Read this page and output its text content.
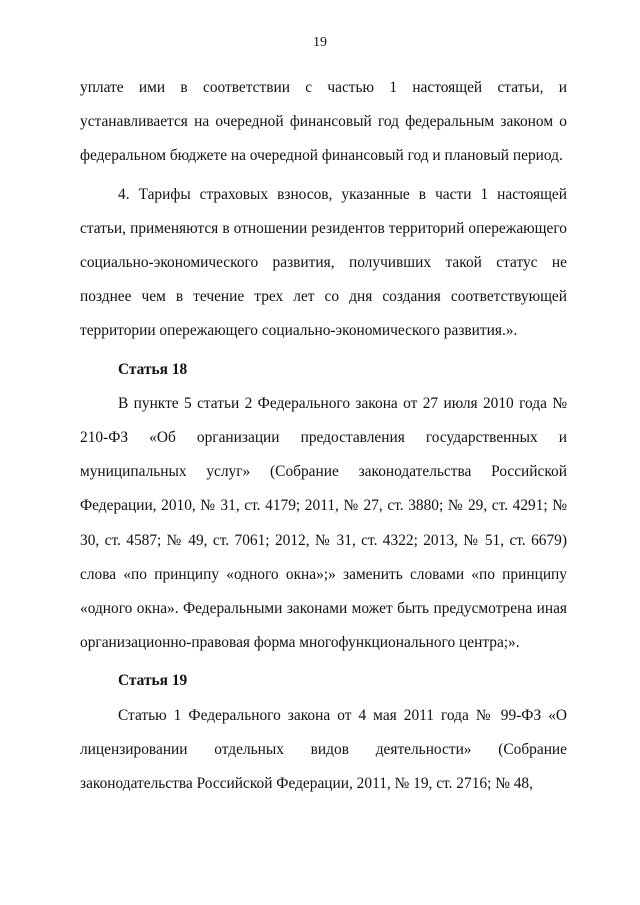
19

уплате ими в соответствии с частью 1 настоящей статьи, и устанавливается на очередной финансовый год федеральным законом о федеральном бюджете на очередной финансовый год и плановый период.

4. Тарифы страховых взносов, указанные в части 1 настоящей статьи, применяются в отношении резидентов территорий опережающего социально-экономического развития, получивших такой статус не позднее чем в течение трех лет со дня создания соответствующей территории опережающего социально-экономического развития.».

Статья 18

В пункте 5 статьи 2 Федерального закона от 27 июля 2010 года № 210-ФЗ «Об организации предоставления государственных и муниципальных услуг» (Собрание законодательства Российской Федерации, 2010, № 31, ст. 4179; 2011, № 27, ст. 3880; № 29, ст. 4291; № 30, ст. 4587; № 49, ст. 7061; 2012, № 31, ст. 4322; 2013, № 51, ст. 6679) слова «по принципу «одного окна»;» заменить словами «по принципу «одного окна». Федеральными законами может быть предусмотрена иная организационно-правовая форма многофункционального центра;».

Статья 19

Статью 1 Федерального закона от 4 мая 2011 года № 99-ФЗ «О лицензировании отдельных видов деятельности» (Собрание законодательства Российской Федерации, 2011, № 19, ст. 2716; № 48,
